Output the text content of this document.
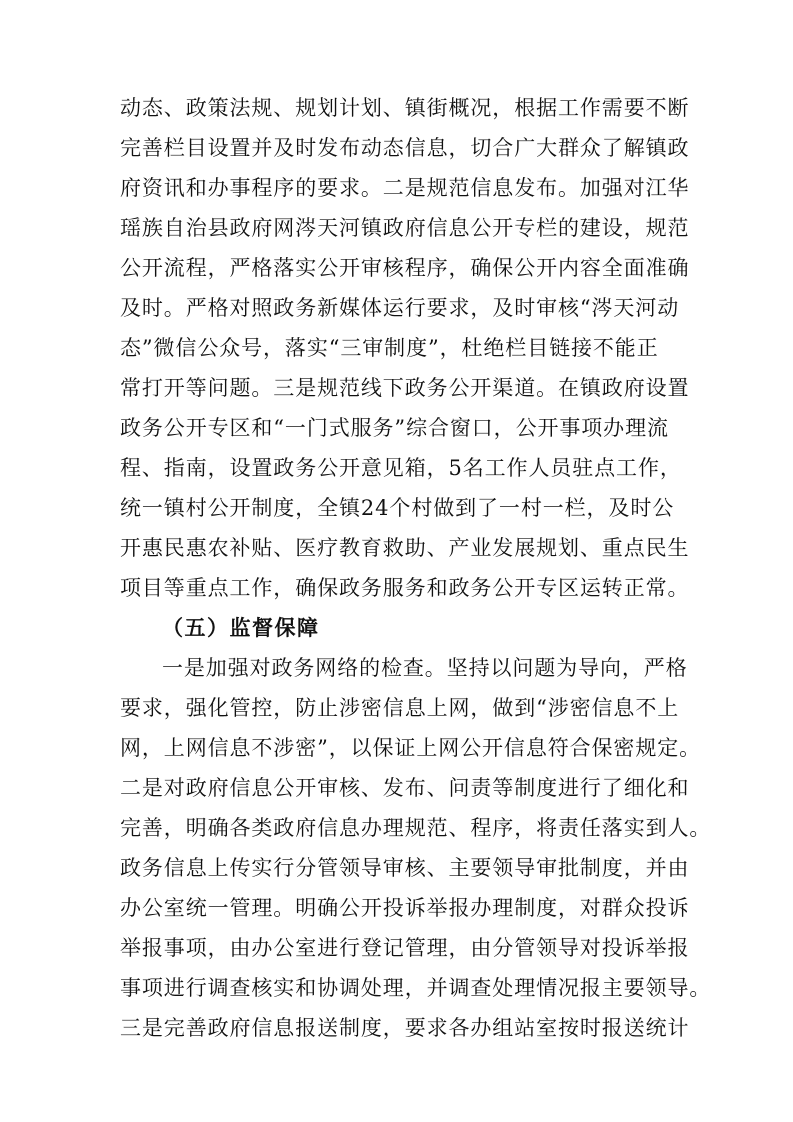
动态、政策法规、规划计划、镇街概况，根据工作需要不断
完善栏目设置并及时发布动态信息，切合广大群众了解镇政
府资讯和办事程序的要求。二是规范信息发布。加强对江华
瑶族自治县政府网涔天河镇政府信息公开专栏的建设，规范
公开流程，严格落实公开审核程序，确保公开内容全面准确
及时。严格对照政务新媒体运行要求，及时审核“涔天河动
态”微信公众号，落实“三审制度”，杜绝栏目链接不能正
常打开等问题。三是规范线下政务公开渠道。在镇政府设置
政务公开专区和“一门式服务”综合窗口，公开事项办理流
程、指南，设置政务公开意见箱，5名工作人员驻点工作，
统一镇村公开制度，全镇24个村做到了一村一栏，及时公
开惠民惠农补贴、医疗教育救助、产业发展规划、重点民生
项目等重点工作，确保政务服务和政务公开专区运转正常。
（五）监督保障
一是加强对政务网络的检查。坚持以问题为导向，严格
要求，强化管控，防止涉密信息上网，做到“涉密信息不上
网，上网信息不涉密”，以保证上网公开信息符合保密规定。
二是对政府信息公开审核、发布、问责等制度进行了细化和
完善，明确各类政府信息办理规范、程序，将责任落实到人。
政务信息上传实行分管领导审核、主要领导审批制度，并由
办公室统一管理。明确公开投诉举报办理制度，对群众投诉
举报事项，由办公室进行登记管理，由分管领导对投诉举报
事项进行调查核实和协调处理，并调查处理情况报主要领导。
三是完善政府信息报送制度，要求各办组站室按时报送统计
